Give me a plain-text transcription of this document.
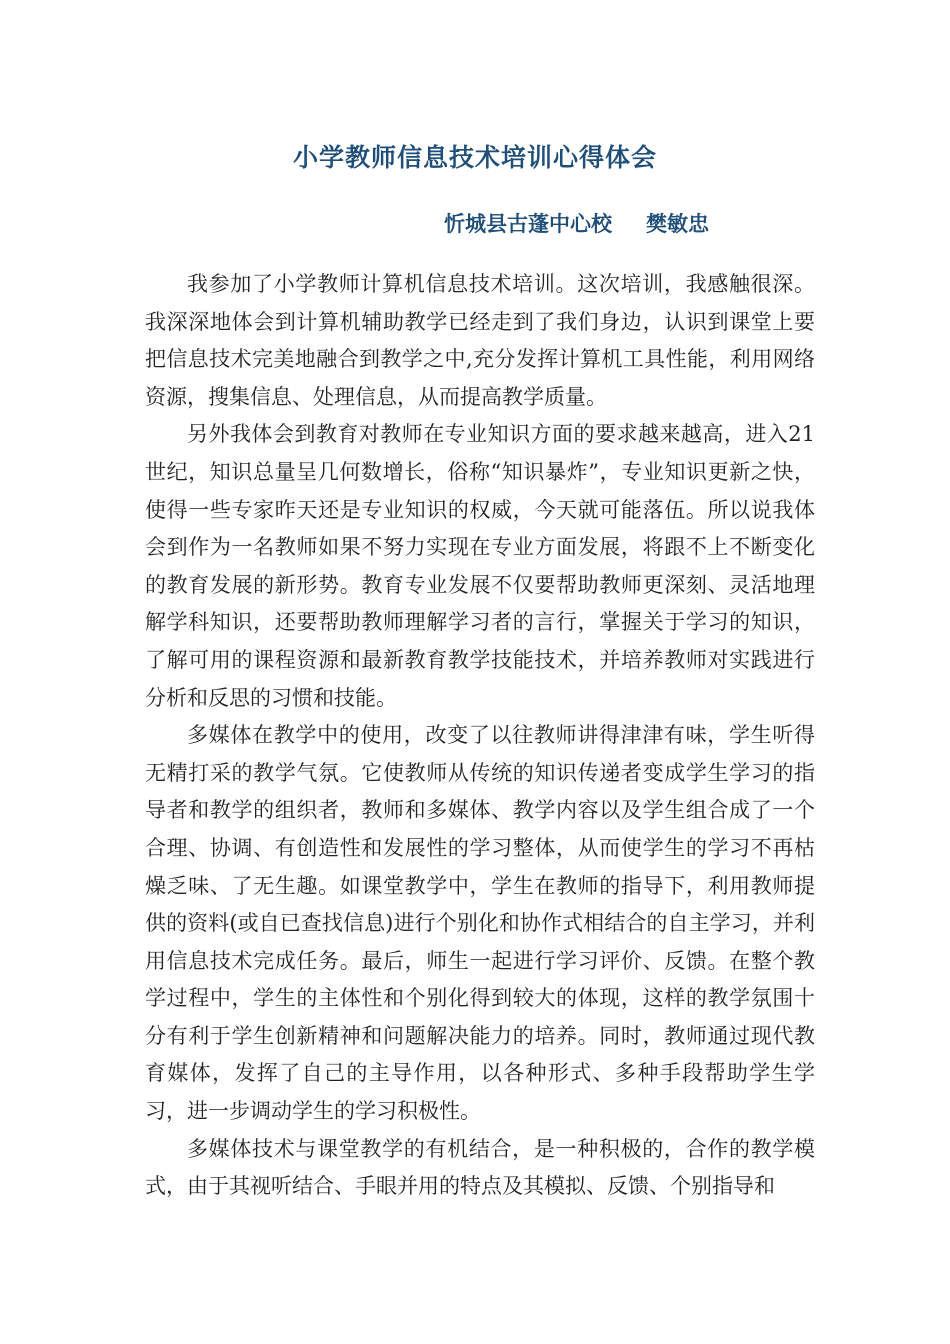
小学教师信息技术培训心得体会
忻城县古蓬中心校 樊敏忠

我参加了小学教师计算机信息技术培训。这次培训，我感触很深。我深深地体会到计算机辅助教学已经走到了我们身边，认识到课堂上要把信息技术完美地融合到教学之中,充分发挥计算机工具性能，利用网络资源，搜集信息、处理信息，从而提高教学质量。

另外我体会到教育对教师在专业知识方面的要求越来越高，进入21世纪，知识总量呈几何数增长，俗称“知识暴炸”，专业知识更新之快，使得一些专家昨天还是专业知识的权威，今天就可能落伍。所以说我体会到作为一名教师如果不努力实现在专业方面发展，将跟不上不断变化的教育发展的新形势。教育专业发展不仅要帮助教师更深刻、灵活地理解学科知识，还要帮助教师理解学习者的言行，掌握关于学习的知识，了解可用的课程资源和最新教育教学技能技术，并培养教师对实践进行分析和反思的习惯和技能。

多媒体在教学中的使用，改变了以往教师讲得津津有味，学生听得无精打采的教学气氛。它使教师从传统的知识传递者变成学生学习的指导者和教学的组织者，教师和多媒体、教学内容以及学生组合成了一个合理、协调、有创造性和发展性的学习整体，从而使学生的学习不再枯燥乏味、了无生趣。如课堂教学中，学生在教师的指导下，利用教师提供的资料(或自已查找信息)进行个别化和协作式相结合的自主学习，并利用信息技术完成任务。最后，师生一起进行学习评价、反馈。在整个教学过程中，学生的主体性和个别化得到较大的体现，这样的教学氛围十分有利于学生创新精神和问题解决能力的培养。同时，教师通过现代教育媒体，发挥了自己的主导作用，以各种形式、多种手段帮助学生学习，进一步调动学生的学习积极性。

多媒体技术与课堂教学的有机结合，是一种积极的，合作的教学模式，由于其视听结合、手眼并用的特点及其模拟、反馈、个别指导和
